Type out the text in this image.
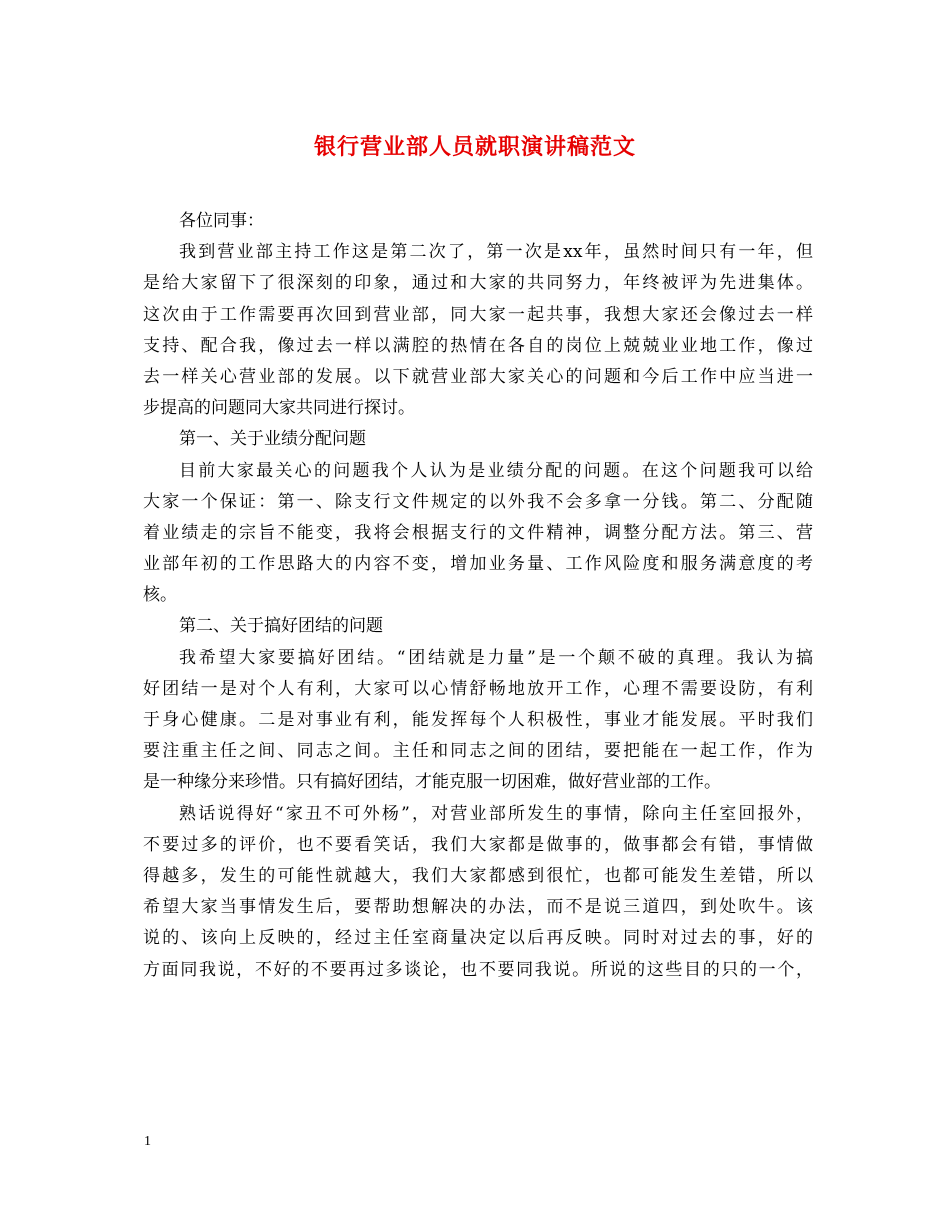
银行营业部人员就职演讲稿范文
各位同事：
我到营业部主持工作这是第二次了，第一次是xx年，虽然时间只有一年，但
是给大家留下了很深刻的印象，通过和大家的共同努力，年终被评为先进集体。
这次由于工作需要再次回到营业部，同大家一起共事，我想大家还会像过去一样
支持、配合我，像过去一样以满腔的热情在各自的岗位上兢兢业业地工作，像过
去一样关心营业部的发展。以下就营业部大家关心的问题和今后工作中应当进一
步提高的问题同大家共同进行探讨。
第一、关于业绩分配问题
目前大家最关心的问题我个人认为是业绩分配的问题。在这个问题我可以给
大家一个保证：第一、除支行文件规定的以外我不会多拿一分钱。第二、分配随
着业绩走的宗旨不能变，我将会根据支行的文件精神，调整分配方法。第三、营
业部年初的工作思路大的内容不变，增加业务量、工作风险度和服务满意度的考
核。
第二、关于搞好团结的问题
我希望大家要搞好团结。“团结就是力量”是一个颠不破的真理。我认为搞
好团结一是对个人有利，大家可以心情舒畅地放开工作，心理不需要设防，有利
于身心健康。二是对事业有利，能发挥每个人积极性，事业才能发展。平时我们
要注重主任之间、同志之间。主任和同志之间的团结，要把能在一起工作，作为
是一种缘分来珍惜。只有搞好团结，才能克服一切困难，做好营业部的工作。
熟话说得好“家丑不可外杨”，对营业部所发生的事情，除向主任室回报外，
不要过多的评价，也不要看笑话，我们大家都是做事的，做事都会有错，事情做
得越多，发生的可能性就越大，我们大家都感到很忙，也都可能发生差错，所以
希望大家当事情发生后，要帮助想解决的办法，而不是说三道四，到处吹牛。该
说的、该向上反映的，经过主任室商量决定以后再反映。同时对过去的事，好的
方面同我说，不好的不要再过多谈论，也不要同我说。所说的这些目的只的一个，
1
